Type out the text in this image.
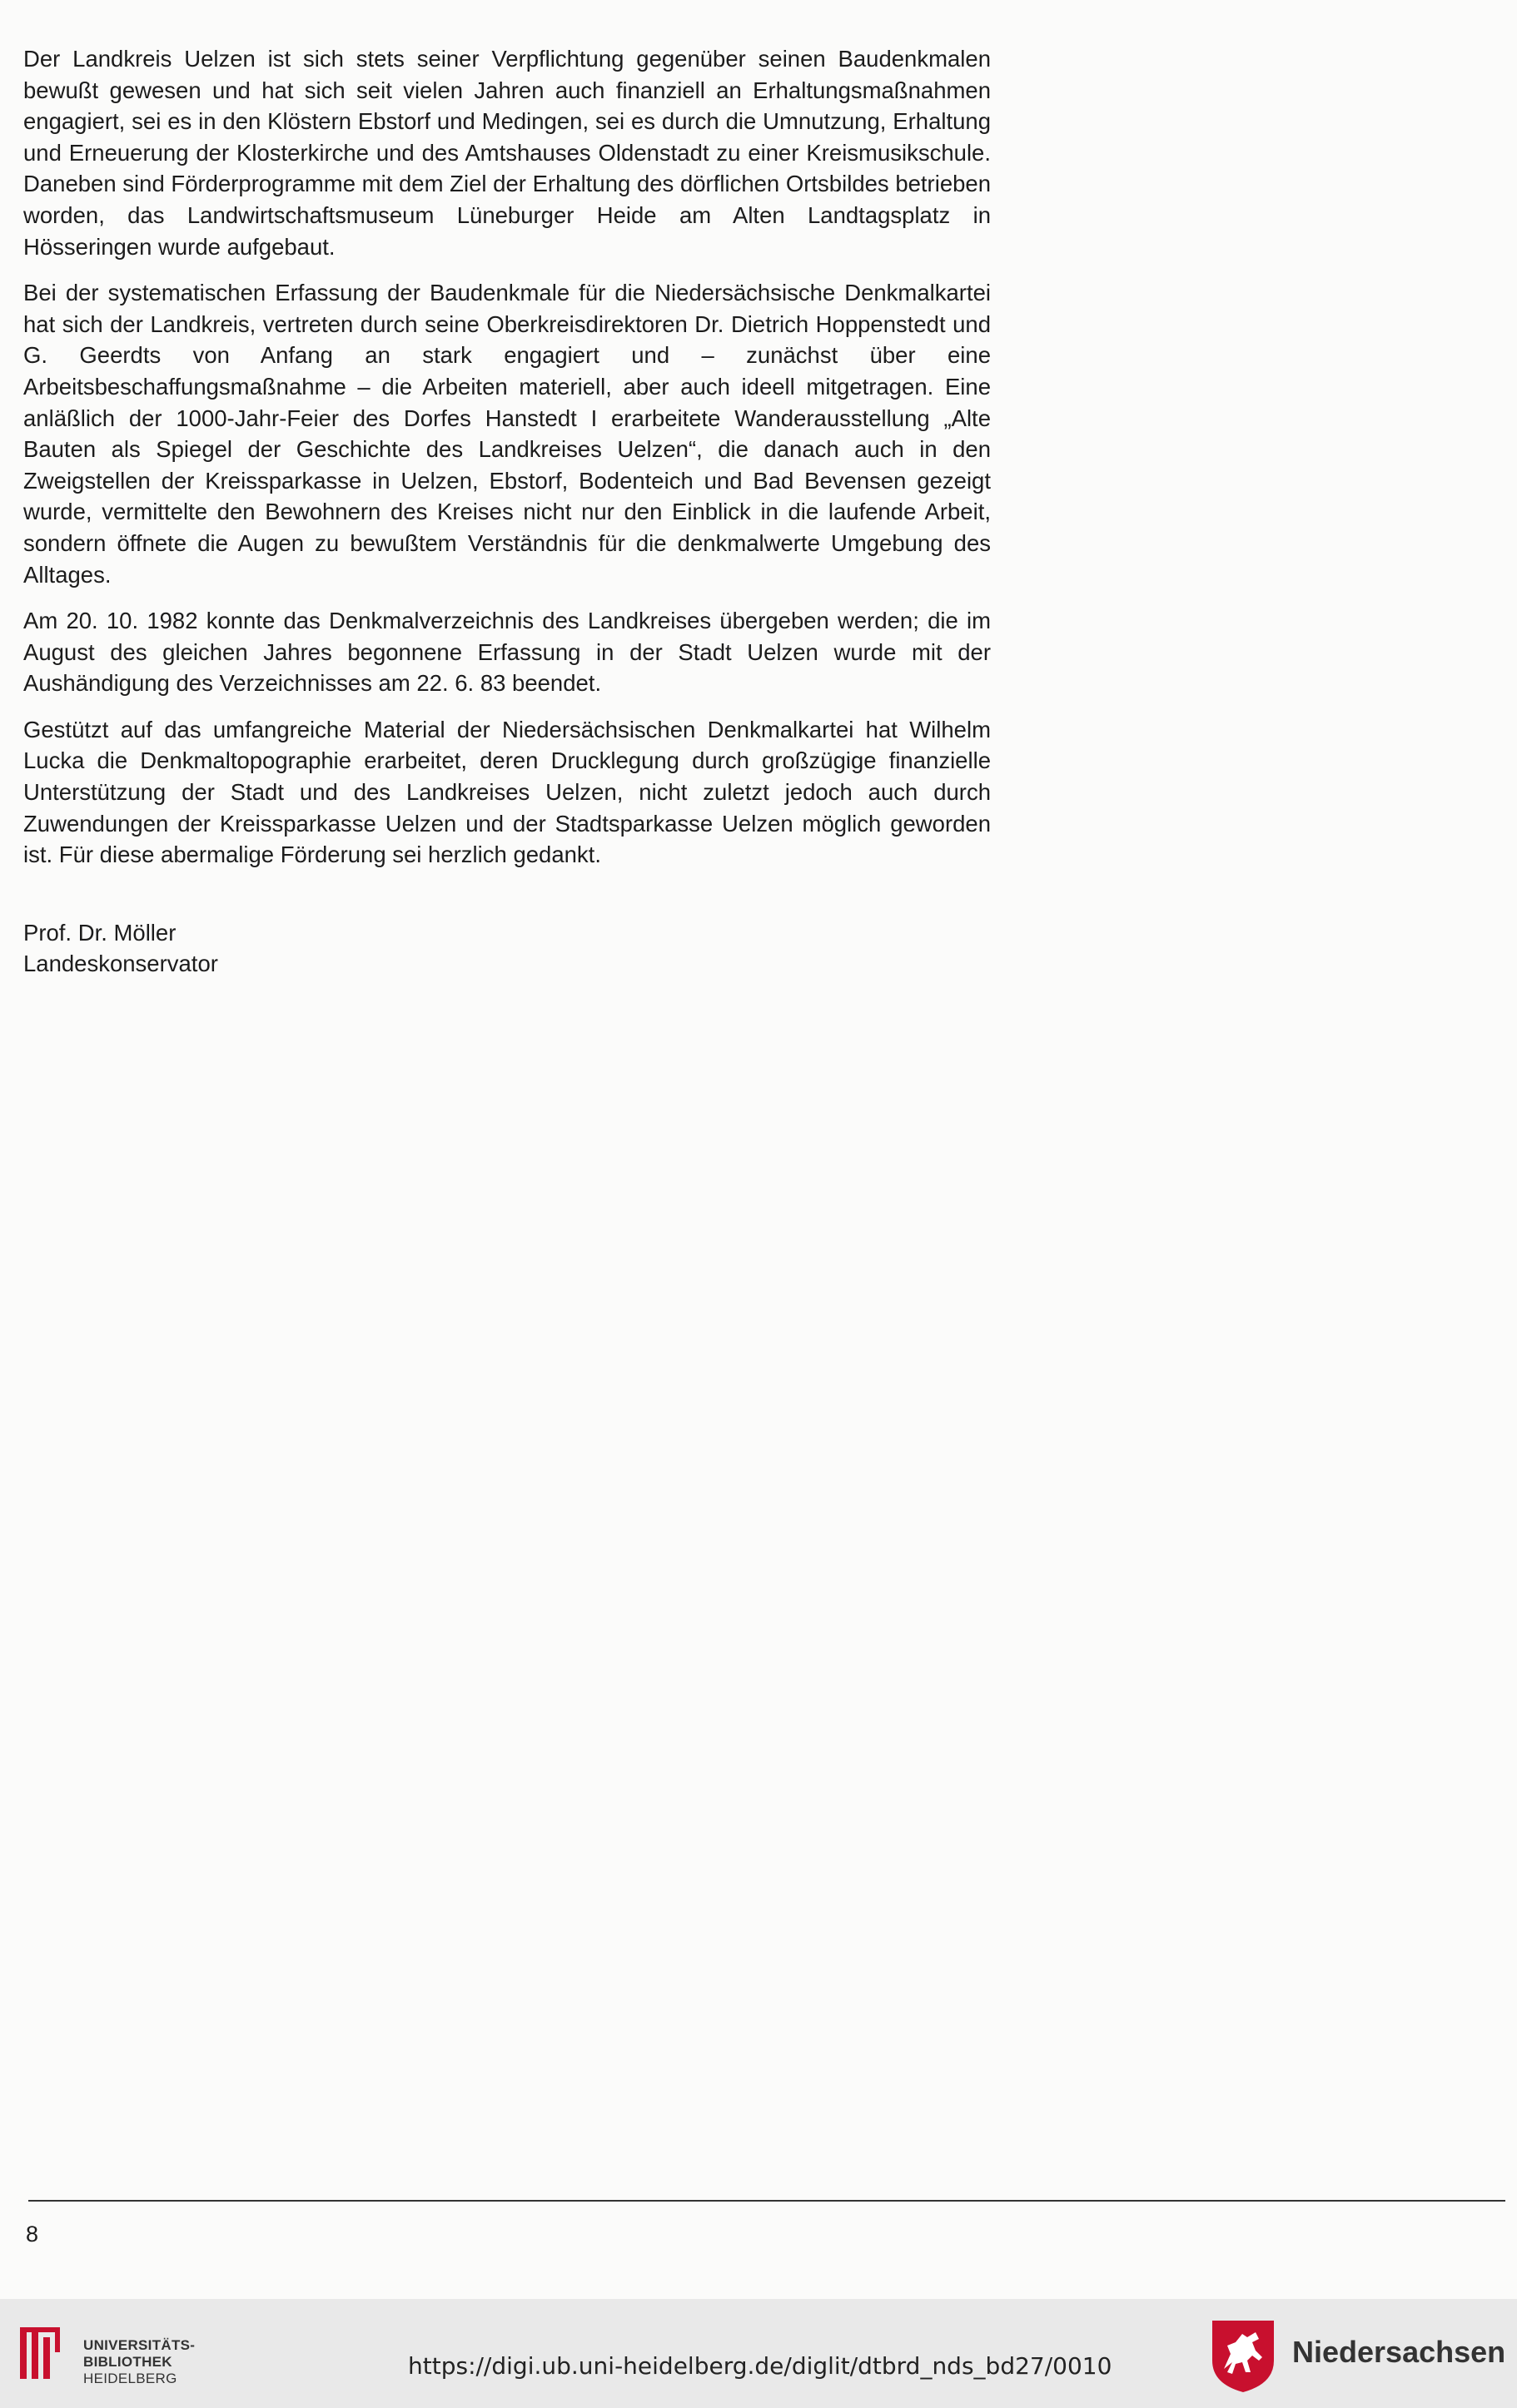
Der Landkreis Uelzen ist sich stets seiner Verpflichtung gegenüber seinen Baudenkmalen bewußt gewesen und hat sich seit vielen Jahren auch finanziell an Erhaltungsmaßnahmen engagiert, sei es in den Klöstern Ebstorf und Medingen, sei es durch die Umnutzung, Erhaltung und Erneuerung der Klosterkirche und des Amtshauses Oldenstadt zu einer Kreismusikschule. Daneben sind Förderprogramme mit dem Ziel der Erhaltung des dörflichen Ortsbildes betrieben worden, das Landwirtschaftsmuseum Lüneburger Heide am Alten Landtagsplatz in Hösseringen wurde aufgebaut.

Bei der systematischen Erfassung der Baudenkmale für die Niedersächsische Denkmalkartei hat sich der Landkreis, vertreten durch seine Oberkreisdirektoren Dr. Dietrich Hoppenstedt und G. Geerdts von Anfang an stark engagiert und – zunächst über eine Arbeitsbeschaffungsmaßnahme – die Arbeiten materiell, aber auch ideell mitgetragen. Eine anläßlich der 1000-Jahr-Feier des Dorfes Hanstedt I erarbeitete Wanderausstellung „Alte Bauten als Spiegel der Geschichte des Landkreises Uelzen“, die danach auch in den Zweigstellen der Kreissparkasse in Uelzen, Ebstorf, Bodenteich und Bad Bevensen gezeigt wurde, vermittelte den Bewohnern des Kreises nicht nur den Einblick in die laufende Arbeit, sondern öffnete die Augen zu bewußtem Verständnis für die denkmalwerte Umgebung des Alltages.

Am 20. 10. 1982 konnte das Denkmalverzeichnis des Landkreises übergeben werden; die im August des gleichen Jahres begonnene Erfassung in der Stadt Uelzen wurde mit der Aushändigung des Verzeichnisses am 22. 6. 83 beendet.

Gestützt auf das umfangreiche Material der Niedersächsischen Denkmalkartei hat Wilhelm Lucka die Denkmaltopographie erarbeitet, deren Drucklegung durch großzügige finanzielle Unterstützung der Stadt und des Landkreises Uelzen, nicht zuletzt jedoch auch durch Zuwendungen der Kreissparkasse Uelzen und der Stadtsparkasse Uelzen möglich geworden ist. Für diese abermalige Förderung sei herzlich gedankt.

Prof. Dr. Möller
Landeskonservator
8
UNIVERSITÄTS-
BIBLIOTHEK
HEIDELBERG	https://digi.ub.uni-heidelberg.de/diglit/dtbrd_nds_bd27/0010	Niedersachsen
